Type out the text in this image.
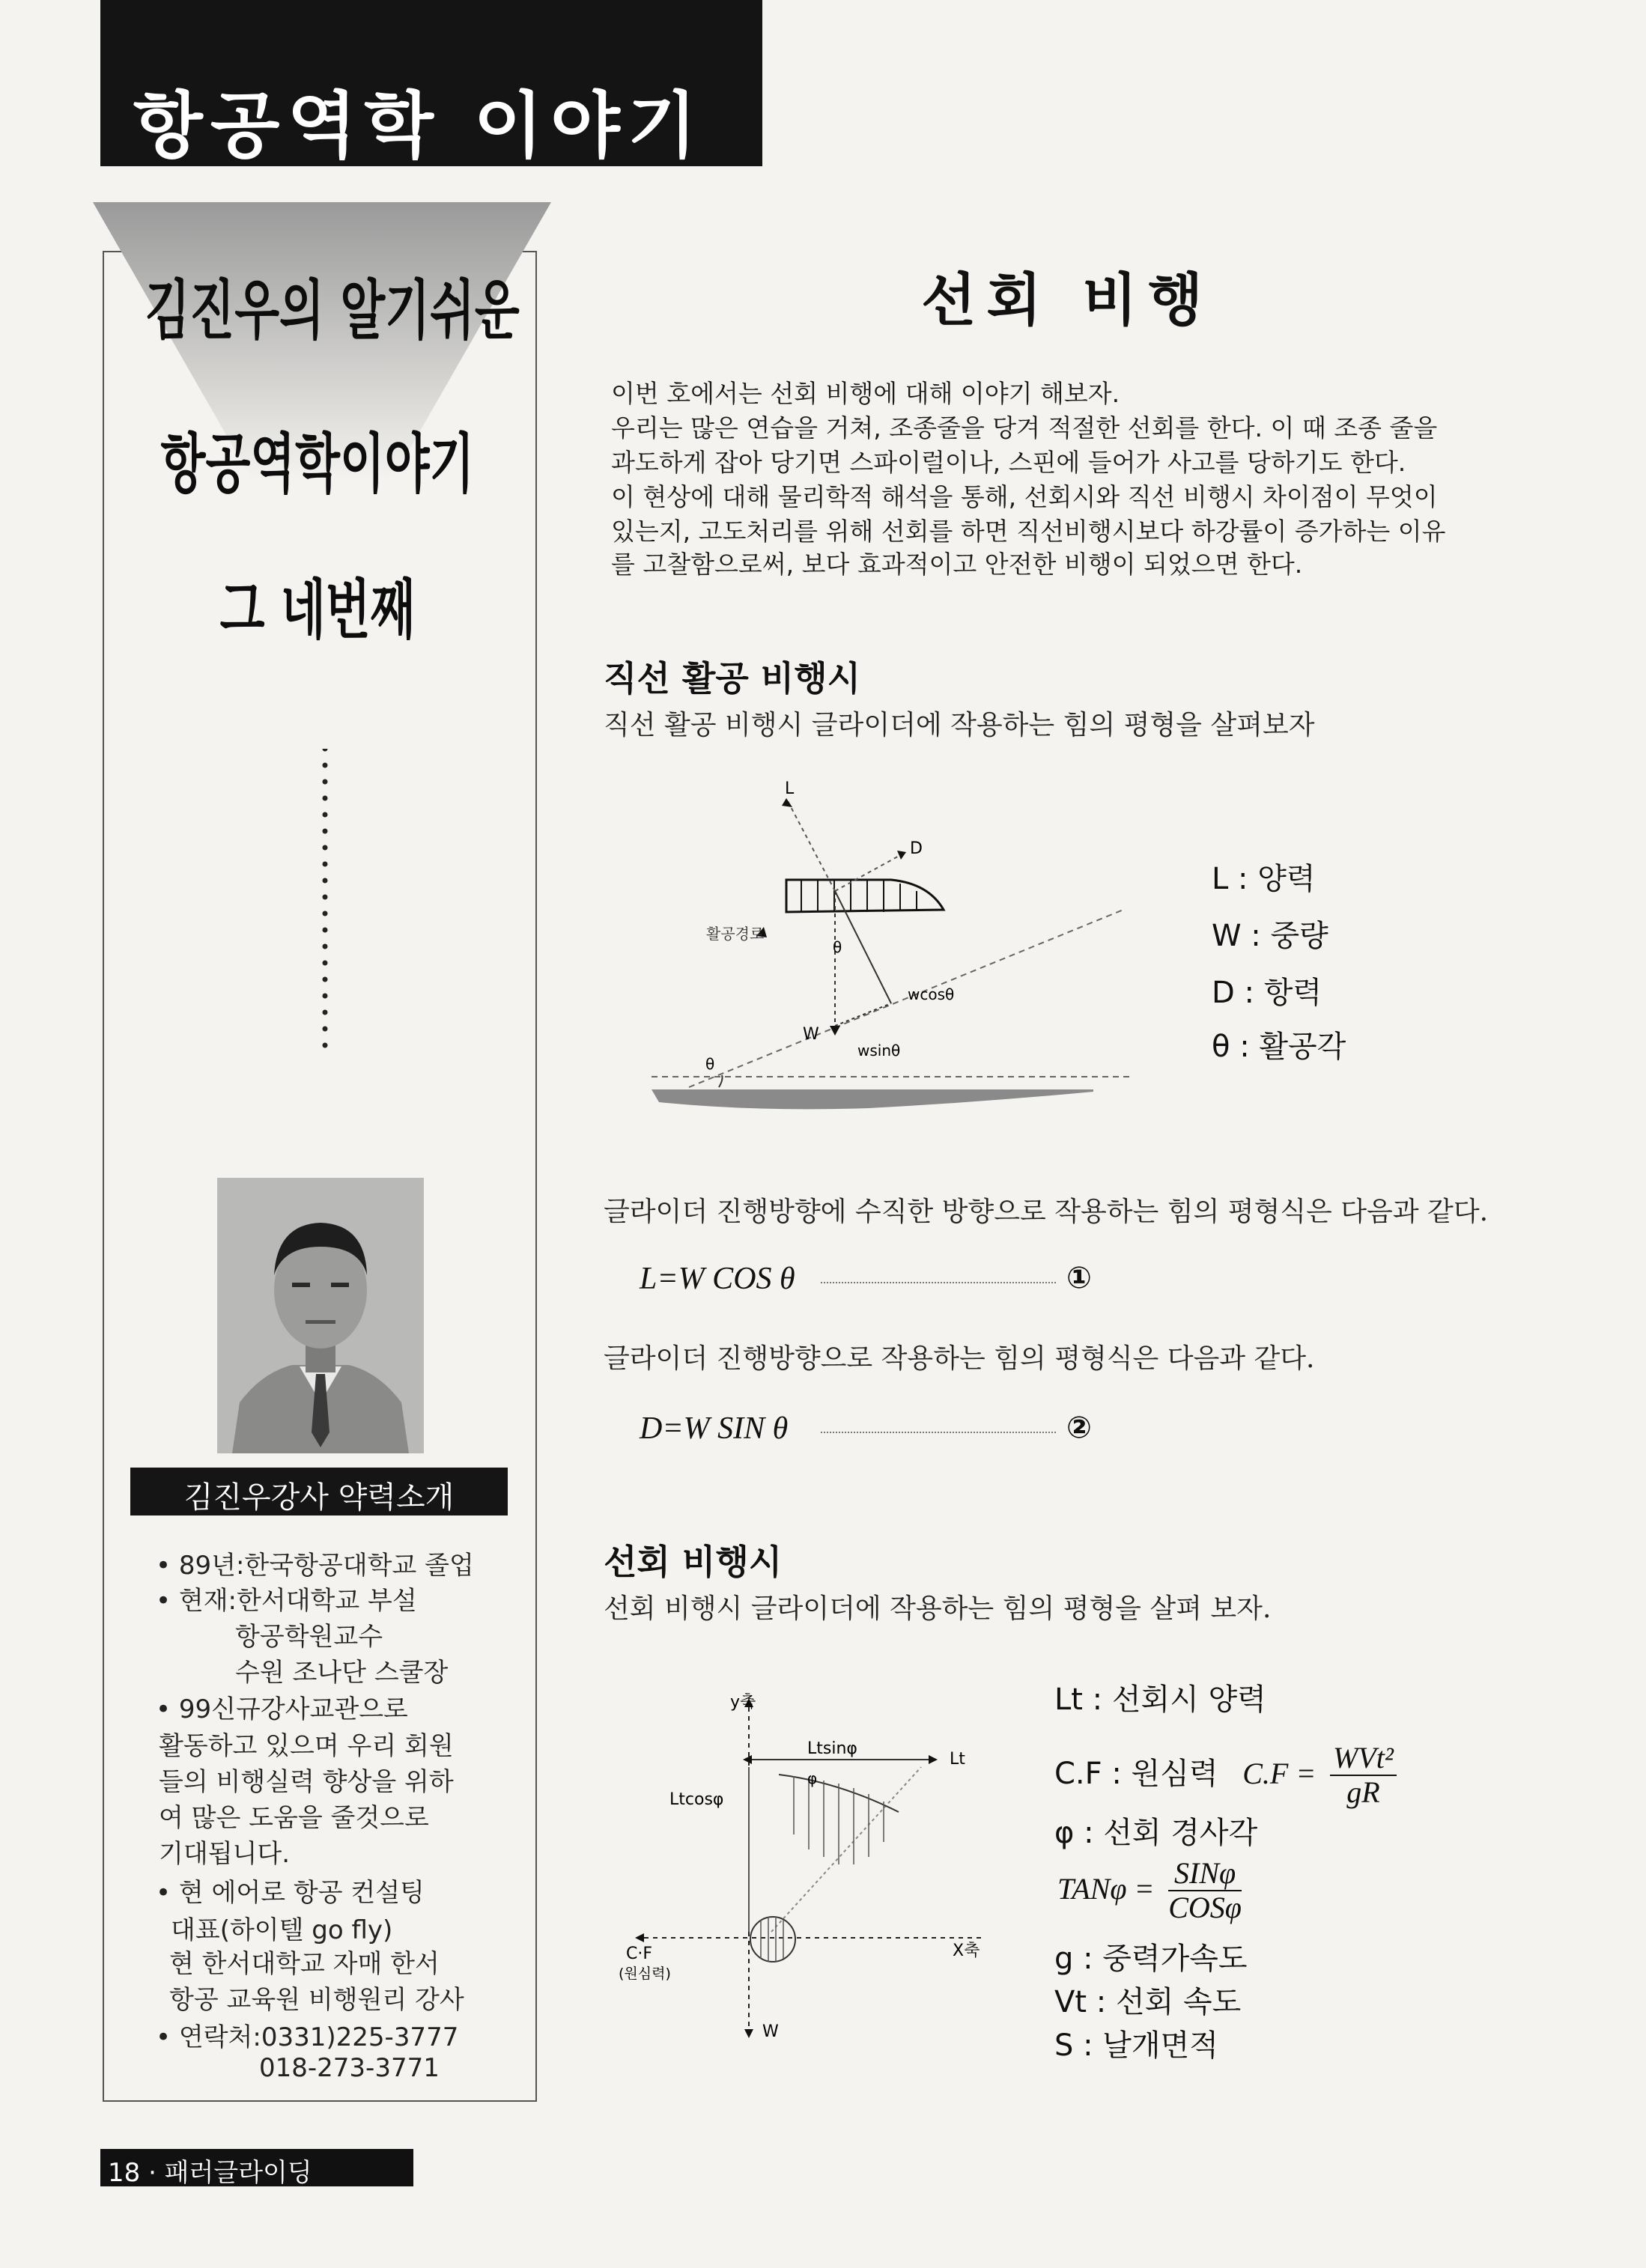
항공역학 이야기
김진우의 알기쉬운
항공역학이야기
그 네번째
김진우강사 약력소개
• 89년:한국항공대학교 졸업
• 현재:한서대학교 부설
항공학원교수
수원 조나단 스쿨장
• 99신규강사교관으로
활동하고 있으며 우리 회원
들의 비행실력 향상을 위하
여 많은 도움을 줄것으로
기대됩니다.
• 현 에어로 항공 컨설팅
대표(하이텔 go fly)
현 한서대학교 자매 한서
항공 교육원 비행원리 강사
• 연락처:0331)225-3777
018-273-3771
18 · 패러글라이딩
선회 비행
이번 호에서는 선회 비행에 대해 이야기 해보자.
우리는 많은 연습을 거쳐, 조종줄을 당겨 적절한 선회를 한다. 이 때 조종 줄을
과도하게 잡아 당기면 스파이럴이나, 스핀에 들어가 사고를 당하기도 한다.
이 현상에 대해 물리학적 해석을 통해, 선회시와 직선 비행시 차이점이 무엇이
있는지, 고도처리를 위해 선회를 하면 직선비행시보다 하강률이 증가하는 이유
를 고찰함으로써, 보다 효과적이고 안전한 비행이 되었으면 한다.
직선 활공 비행시
직선 활공 비행시 글라이더에 작용하는 힘의 평형을 살펴보자
L
D
W
θ
활공경로
wcosθ
wsinθ
θ
L : 양력
W : 중량
D : 항력
θ : 활공각
글라이더 진행방향에 수직한 방향으로 작용하는 힘의 평형식은 다음과 같다.
L=W COS θ	①
글라이더 진행방향으로 작용하는 힘의 평형식은 다음과 같다.
D=W SIN θ	②
선회 비행시
선회 비행시 글라이더에 작용하는 힘의 평형을 살펴 보자.
y축
Ltsinφ
Lt
Ltcosφ
φ
C·F
(원심력)
X축
W
Lt : 선회시 양력
C.F : 원심력 $C.F = \frac{\text{WVt²}}{gR}$
φ : 선회 경사각
$TAN\varphi = \frac{\text{SINφ}}{\text{COSφ}}$
g : 중력가속도
Vt : 선회 속도
S : 날개면적
